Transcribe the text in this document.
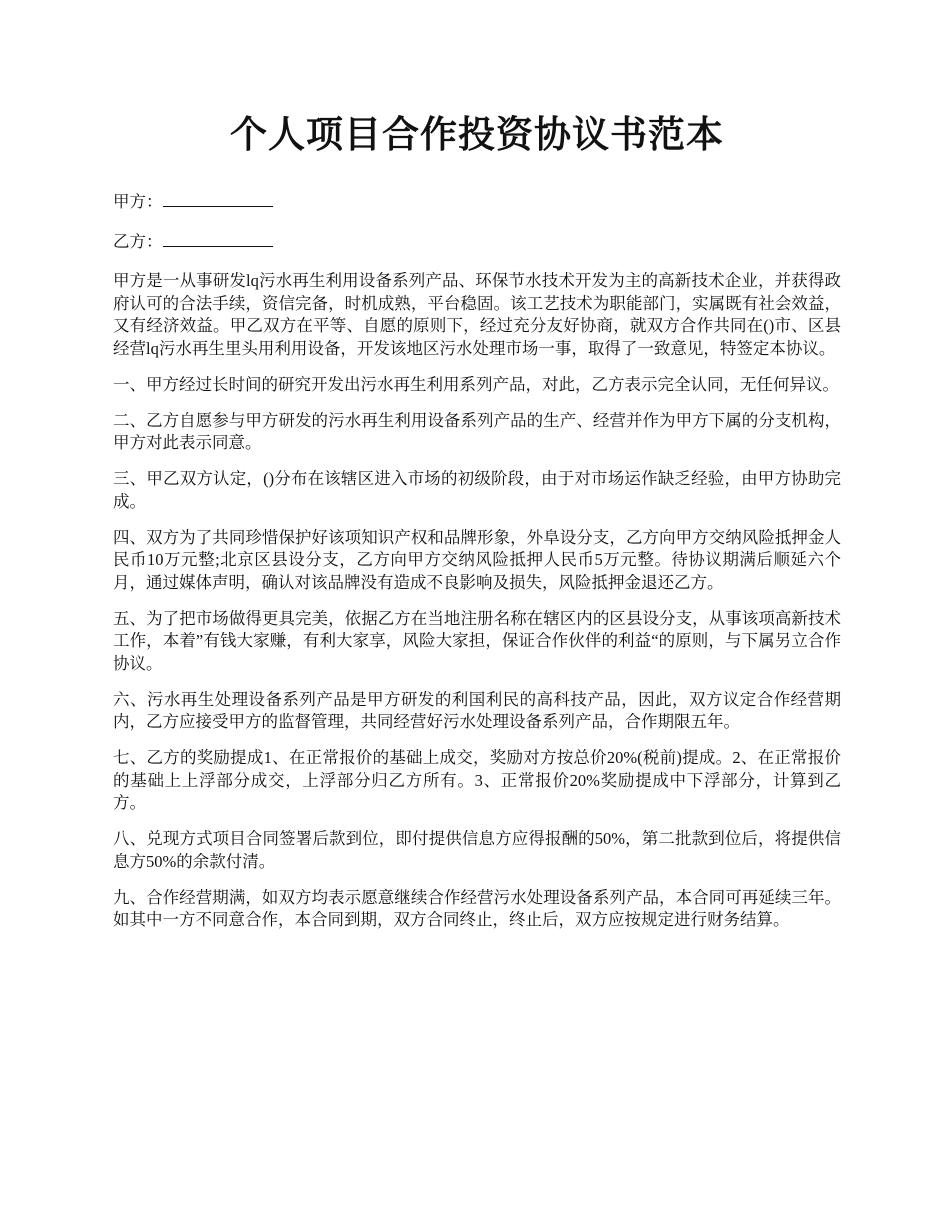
个人项目合作投资协议书范本

甲方：

乙方：

甲方是一从事研发lq污水再生利用设备系列产品、环保节水技术开发为主的高新技术企业，并获得政府认可的合法手续，资信完备，时机成熟，平台稳固。该工艺技术为职能部门，实属既有社会效益，又有经济效益。甲乙双方在平等、自愿的原则下，经过充分友好协商，就双方合作共同在()市、区县经营lq污水再生里头用利用设备，开发该地区污水处理市场一事，取得了一致意见，特签定本协议。

一、甲方经过长时间的研究开发出污水再生利用系列产品，对此，乙方表示完全认同，无任何异议。

二、乙方自愿参与甲方研发的污水再生利用设备系列产品的生产、经营并作为甲方下属的分支机构，甲方对此表示同意。

三、甲乙双方认定，()分布在该辖区进入市场的初级阶段，由于对市场运作缺乏经验，由甲方协助完成。

四、双方为了共同珍惜保护好该项知识产权和品牌形象，外阜设分支，乙方向甲方交纳风险抵押金人民币10万元整;北京区县设分支，乙方向甲方交纳风险抵押人民币5万元整。待协议期满后顺延六个月，通过媒体声明，确认对该品牌没有造成不良影响及损失，风险抵押金退还乙方。

五、为了把市场做得更具完美，依据乙方在当地注册名称在辖区内的区县设分支，从事该项高新技术工作，本着”有钱大家赚，有利大家享，风险大家担，保证合作伙伴的利益“的原则，与下属另立合作协议。

六、污水再生处理设备系列产品是甲方研发的利国利民的高科技产品，因此，双方议定合作经营期内，乙方应接受甲方的监督管理，共同经营好污水处理设备系列产品，合作期限五年。

七、乙方的奖励提成1、在正常报价的基础上成交，奖励对方按总价20%(税前)提成。2、在正常报价的基础上上浮部分成交，上浮部分归乙方所有。3、正常报价20%奖励提成中下浮部分，计算到乙方。

八、兑现方式项目合同签署后款到位，即付提供信息方应得报酬的50%，第二批款到位后，将提供信息方50%的余款付清。

九、合作经营期满，如双方均表示愿意继续合作经营污水处理设备系列产品，本合同可再延续三年。如其中一方不同意合作，本合同到期，双方合同终止，终止后，双方应按规定进行财务结算。
